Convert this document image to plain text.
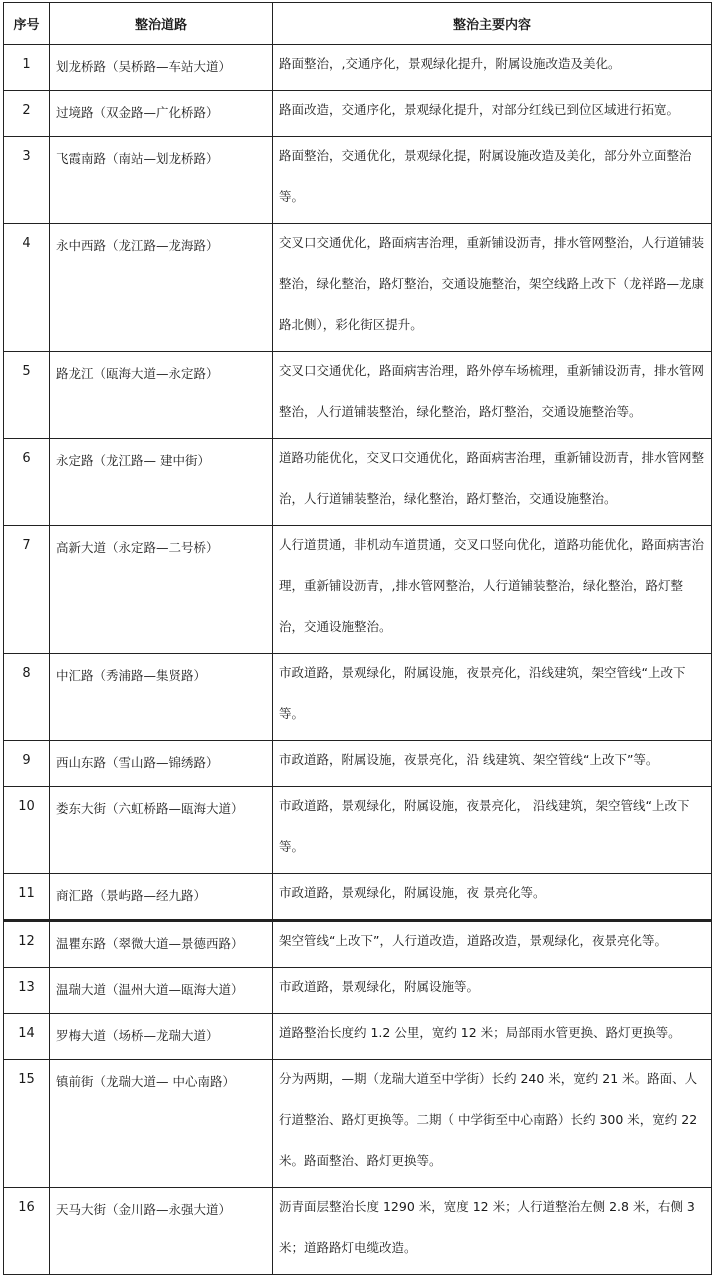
序号	整治道路	整治主要内容
1	划龙桥路（吴桥路—车站大道）	路面整治，,交通序化，景观绿化提升，附属设施改造及美化。

2	过境路（双金路—广化桥路）	路面改造，交通序化，景观绿化提升，对部分红线已到位区域进行拓宽。

3	飞霞南路（南站—划龙桥路）	路面整治，交通优化，景观绿化提，附属设施改造及美化，部分外立面整治等。

4	永中西路（龙江路—龙海路）	交叉口交通优化，路面病害治理，重新铺设沥青，排水管网整治，人行道铺装整治，绿化整治，路灯整治，交通设施整治，架空线路上改下（龙祥路—龙康路北侧），彩化街区提升。

5	路龙江（瓯海大道—永定路）	交叉口交通优化，路面病害治理，路外停车场梳理，重新铺设沥青，排水管网整治，人行道铺装整治，绿化整治，路灯整治，交通设施整治等。

6	永定路（龙江路— 建中街）	道路功能优化，交叉口交通优化，路面病害治理，重新铺设沥青，排水管网整治，人行道铺装整治，绿化整治，路灯整治，交通设施整治。

7	高新大道（永定路—二号桥）	人行道贯通，非机动车道贯通，交叉口竖向优化，道路功能优化，路面病害治理，重新铺设沥青，,排水管网整治，人行道铺装整治，绿化整治，路灯整治，交通设施整治。

8	中汇路（秀浦路—集贤路）	市政道路，景观绿化，附属设施，夜景亮化，沿线建筑，架空管线“上改下等。

9	西山东路（雪山路—锦绣路）	市政道路，附属设施，夜景亮化，沿 线建筑、架空管线“上改下”等。

10	娄东大街（六虹桥路—瓯海大道）	市政道路，景观绿化，附属设施，夜景亮化， 沿线建筑，架空管线“上改下等。

11	商汇路（景屿路—经九路）	市政道路，景观绿化，附属设施，夜 景亮化等。

12	温瞿东路（翠微大道—景德西路）	架空管线“上改下”，人行道改造，道路改造，景观绿化，夜景亮化等。

13	温瑞大道（温州大道—瓯海大道）	市政道路，景观绿化，附属设施等。

14	罗梅大道（场桥—龙瑞大道）	道路整治长度约 1.2 公里，宽约 12 米；局部雨水管更换、路灯更换等。

15	镇前街（龙瑞大道— 中心南路）	分为两期，—期（龙瑞大道至中学街）长约 240 米，宽约 21 米。路面、人行道整治、路灯更换等。二期（ 中学街至中心南路）长约 300 米，宽约 22 米。路面整治、路灯更换等。

16	天马大街（金川路—永强大道）	沥青面层整治长度 1290 米，宽度 12 米；人行道整治左侧 2.8 米，右侧 3 米；道路路灯电缆改造。
